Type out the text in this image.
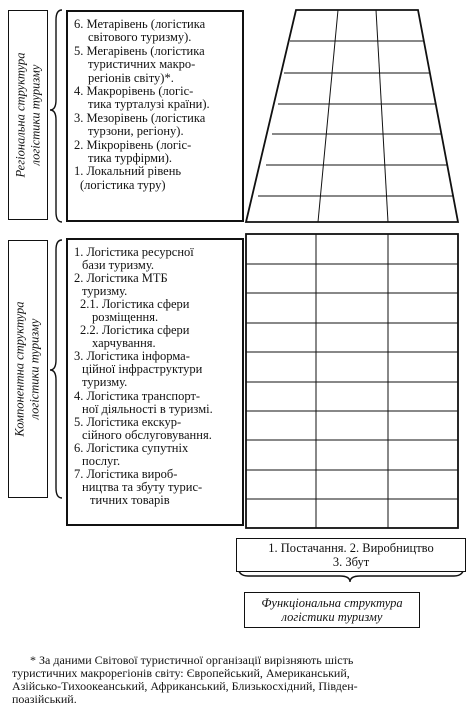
Регіональна структура логістики туризму
6. Метарівень (логістика
світового туризму).
5. Мегарівень (логістика
туристичних макро-
регіонів світу)*.
4. Макрорівень (логіс-
тика турталузі країни).
3. Мезорівень (логістика
турзони, регіону).
2. Мікрорівень (логіс-
тика турфірми).
1. Локальний рівень
(логістика туру)
Компонентна структура логістики туризму
1. Логістика ресурсної
бази туризму.
2. Логістика МТБ
туризму.
2.1. Логістика сфери
розміщення.
2.2. Логістика сфери
харчування.
3. Логістика інформа-
ційної інфраструктури
туризму.
4. Логістика транспорт-
ної діяльності в туризмі.
5. Логістика екскур-
сійного обслуговування.
6. Логістика супутніх
послуг.
7. Логістика вироб-
ництва та збуту турис-
тичних товарів
1. Постачання. 2. Виробництво
3. Збут
Функціональна структура
логістики туризму
* За даними Світової туристичної організації вирізняють шість
туристичних макрорегіонів світу: Європейський, Американський,
Азійсько-Тихоокеанський, Африканський, Близькосхідний, Півден-
поазійський.
